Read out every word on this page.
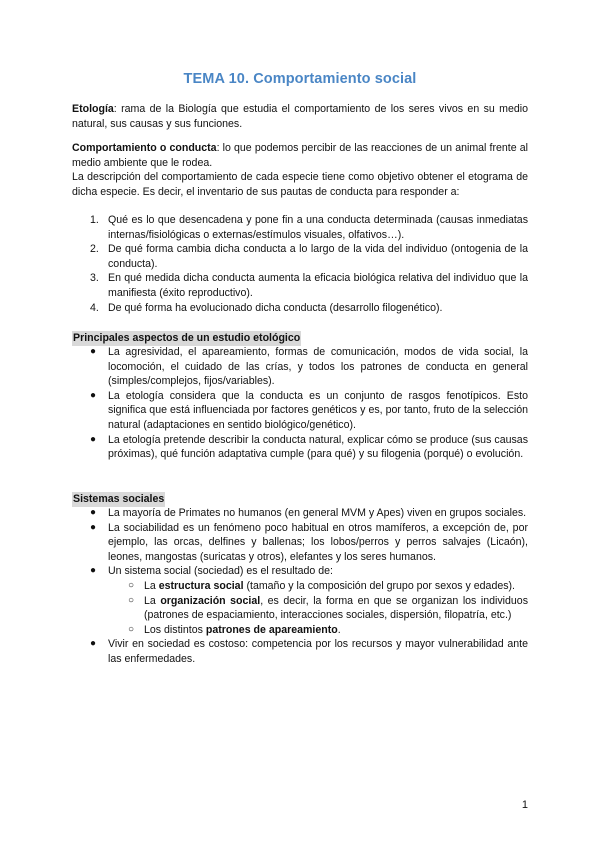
TEMA 10. Comportamiento social
Etología: rama de la Biología que estudia el comportamiento de los seres vivos en su medio natural, sus causas y sus funciones.
Comportamiento o conducta: lo que podemos percibir de las reacciones de un animal frente al medio ambiente que le rodea.
La descripción del comportamiento de cada especie tiene como objetivo obtener el etograma de dicha especie. Es decir, el inventario de sus pautas de conducta para responder a:
1. Qué es lo que desencadena y pone fin a una conducta determinada (causas inmediatas internas/fisiológicas o externas/estímulos visuales, olfativos…).
2. De qué forma cambia dicha conducta a lo largo de la vida del individuo (ontogenia de la conducta).
3. En qué medida dicha conducta aumenta la eficacia biológica relativa del individuo que la manifiesta (éxito reproductivo).
4. De qué forma ha evolucionado dicha conducta (desarrollo filogenético).
Principales aspectos de un estudio etológico
● La agresividad, el apareamiento, formas de comunicación, modos de vida social, la locomoción, el cuidado de las crías, y todos los patrones de conducta en general (simples/complejos, fijos/variables).
● La etología considera que la conducta es un conjunto de rasgos fenotípicos. Esto significa que está influenciada por factores genéticos y es, por tanto, fruto de la selección natural (adaptaciones en sentido biológico/genético).
● La etología pretende describir la conducta natural, explicar cómo se produce (sus causas próximas), qué función adaptativa cumple (para qué) y su filogenia (porqué) o evolución.
Sistemas sociales
● La mayoría de Primates no humanos (en general MVM y Apes) viven en grupos sociales.
● La sociabilidad es un fenómeno poco habitual en otros mamíferos, a excepción de, por ejemplo, las orcas, delfines y ballenas; los lobos/perros y perros salvajes (Licaón), leones, mangostas (suricatas y otros), elefantes y los seres humanos.
● Un sistema social (sociedad) es el resultado de:
○ La estructura social (tamaño y la composición del grupo por sexos y edades).
○ La organización social, es decir, la forma en que se organizan los individuos (patrones de espaciamiento, interacciones sociales, dispersión, filopatría, etc.)
○ Los distintos patrones de apareamiento.
● Vivir en sociedad es costoso: competencia por los recursos y mayor vulnerabilidad ante las enfermedades.
1
